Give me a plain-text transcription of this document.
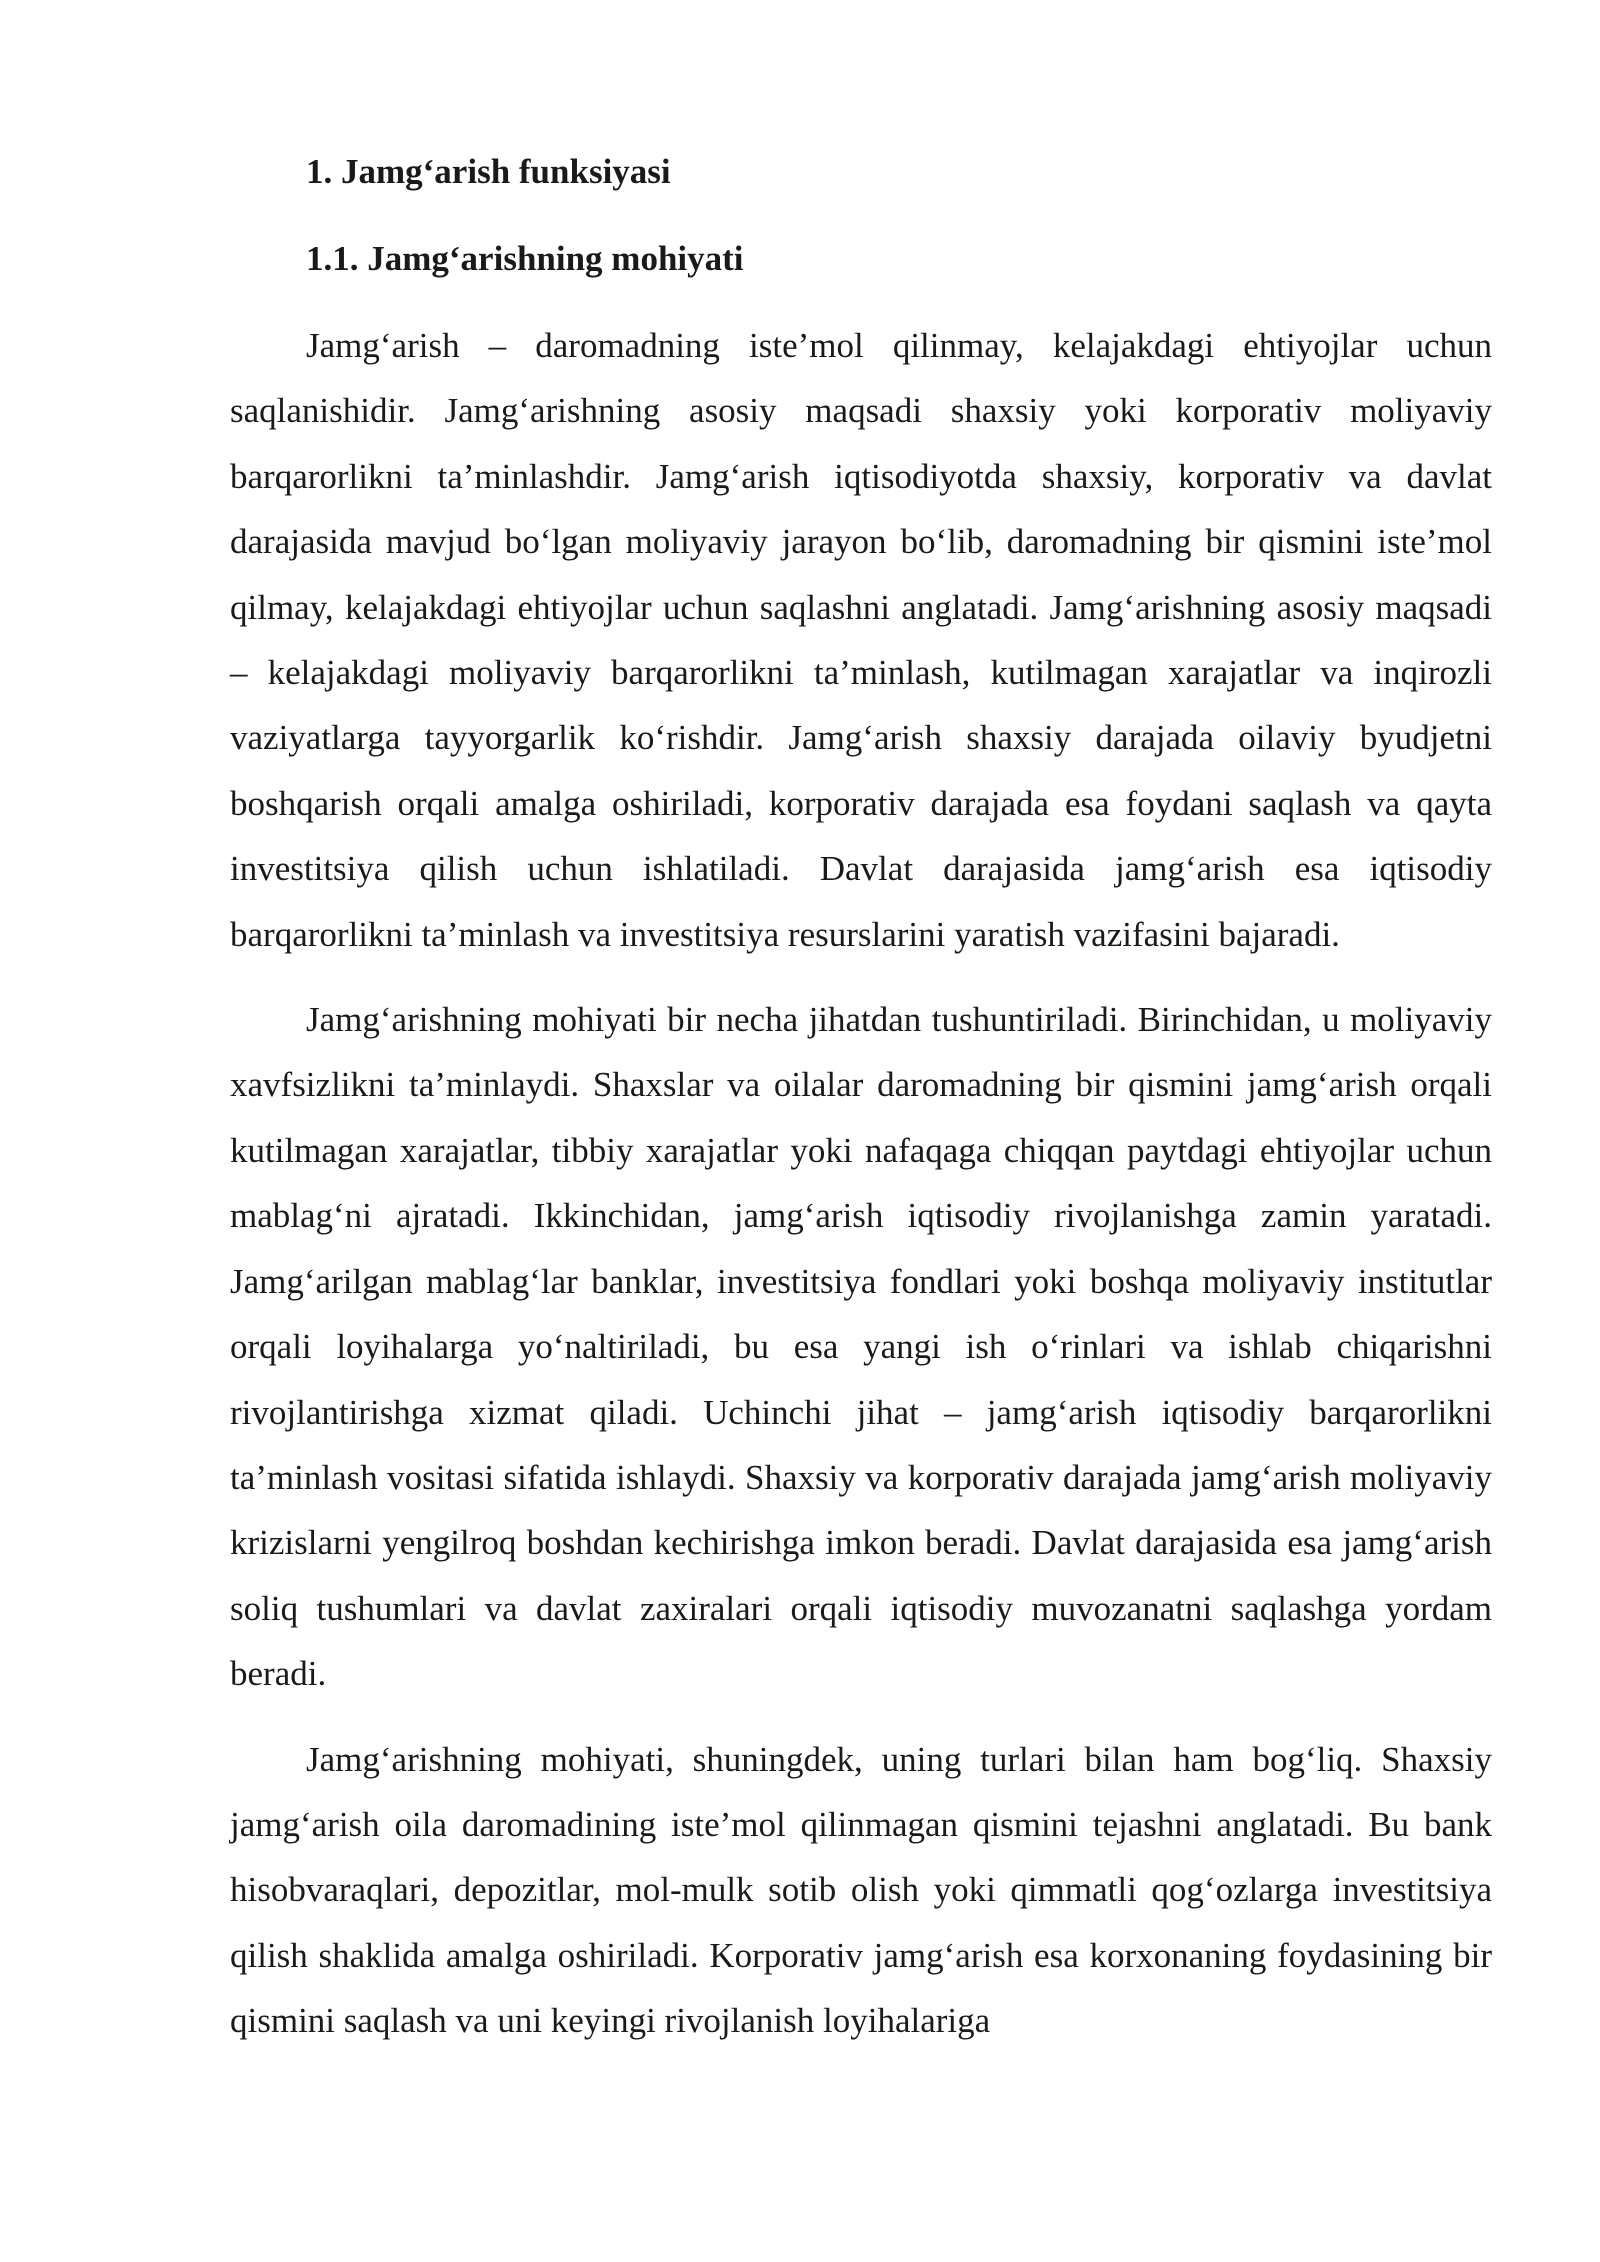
1. Jamg‘arish funksiyasi
1.1. Jamg‘arishning mohiyati

Jamg‘arish – daromadning iste’mol qilinmay, kelajakdagi ehtiyojlar uchun saqlanishidir. Jamg‘arishning asosiy maqsadi shaxsiy yoki korporativ moliyaviy barqarorlikni ta’minlashdir. Jamg‘arish iqtisodiyotda shaxsiy, korporativ va davlat darajasida mavjud bo‘lgan moliyaviy jarayon bo‘lib, daromadning bir qismini iste’mol qilmay, kelajakdagi ehtiyojlar uchun saqlashni anglatadi. Jamg‘arishning asosiy maqsadi – kelajakdagi moliyaviy barqarorlikni ta’minlash, kutilmagan xarajatlar va inqirozli vaziyatlarga tayyorgarlik ko‘rishdir. Jamg‘arish shaxsiy darajada oilaviy byudjetni boshqarish orqali amalga oshiriladi, korporativ darajada esa foydani saqlash va qayta investitsiya qilish uchun ishlatiladi. Davlat darajasida jamg‘arish esa iqtisodiy barqarorlikni ta’minlash va investitsiya resurslarini yaratish vazifasini bajaradi.

Jamg‘arishning mohiyati bir necha jihatdan tushuntiriladi. Birinchidan, u moliyaviy xavfsizlikni ta’minlaydi. Shaxslar va oilalar daromadning bir qismini jamg‘arish orqali kutilmagan xarajatlar, tibbiy xarajatlar yoki nafaqaga chiqqan paytdagi ehtiyojlar uchun mablag‘ni ajratadi. Ikkinchidan, jamg‘arish iqtisodiy rivojlanishga zamin yaratadi. Jamg‘arilgan mablag‘lar banklar, investitsiya fondlari yoki boshqa moliyaviy institutlar orqali loyihalarga yo‘naltiriladi, bu esa yangi ish o‘rinlari va ishlab chiqarishni rivojlantirishga xizmat qiladi. Uchinchi jihat – jamg‘arish iqtisodiy barqarorlikni ta’minlash vositasi sifatida ishlaydi. Shaxsiy va korporativ darajada jamg‘arish moliyaviy krizislarni yengilroq boshdan kechirishga imkon beradi. Davlat darajasida esa jamg‘arish soliq tushumlari va davlat zaxiralari orqali iqtisodiy muvozanatni saqlashga yordam beradi.

Jamg‘arishning mohiyati, shuningdek, uning turlari bilan ham bog‘liq. Shaxsiy jamg‘arish oila daromadining iste’mol qilinmagan qismini tejashni anglatadi. Bu bank hisobvaraqlari, depozitlar, mol-mulk sotib olish yoki qimmatli qog‘ozlarga investitsiya qilish shaklida amalga oshiriladi. Korporativ jamg‘arish esa korxonaning foydasining bir qismini saqlash va uni keyingi rivojlanish loyihalariga
